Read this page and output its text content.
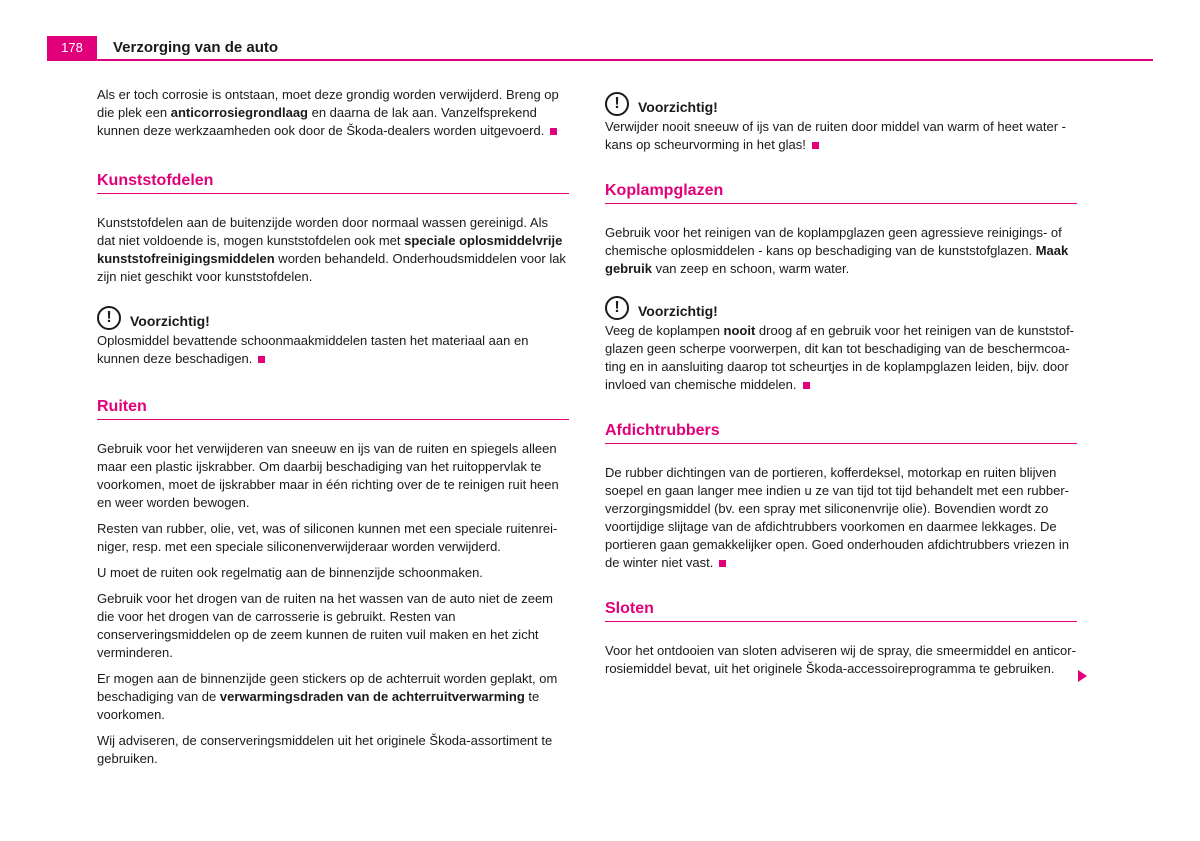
178	Verzorging van de auto

Als er toch corrosie is ontstaan, moet deze grondig worden verwijderd. Breng op die plek een anticorrosiegrondlaag en daarna de lak aan. Vanzelfsprekend kunnen deze werkzaamheden ook door de Škoda-dealers worden uitgevoerd.

Kunststofdelen

Kunststofdelen aan de buitenzijde worden door normaal wassen gereinigd. Als dat niet voldoende is, mogen kunststofdelen ook met speciale oplosmiddelvrije kunststofreinigingsmiddelen worden behandeld. Onderhoudsmiddelen voor lak zijn niet geschikt voor kunststofdelen.

!	Voorzichtig!

Oplosmiddel bevattende schoonmaakmiddelen tasten het materiaal aan en kunnen deze beschadigen.

Ruiten

Gebruik voor het verwijderen van sneeuw en ijs van de ruiten en spiegels alleen maar een plastic ijskrabber. Om daarbij beschadiging van het ruitoppervlak te voorkomen, moet de ijskrabber maar in één richting over de te reinigen ruit heen en weer worden bewogen.

Resten van rubber, olie, vet, was of siliconen kunnen met een speciale ruitenrei-niger, resp. met een speciale siliconenverwijderaar worden verwijderd.

U moet de ruiten ook regelmatig aan de binnenzijde schoonmaken.

Gebruik voor het drogen van de ruiten na het wassen van de auto niet de zeem die voor het drogen van de carrosserie is gebruikt. Resten van conserveringsmiddelen op de zeem kunnen de ruiten vuil maken en het zicht verminderen.

Er mogen aan de binnenzijde geen stickers op de achterruit worden geplakt, om beschadiging van de verwarmingsdraden van de achterruitverwarming te voorkomen.

Wij adviseren, de conserveringsmiddelen uit het originele Škoda-assortiment te gebruiken.

!	Voorzichtig!

Verwijder nooit sneeuw of ijs van de ruiten door middel van warm of heet water - kans op scheurvorming in het glas!

Koplampglazen

Gebruik voor het reinigen van de koplampglazen geen agressieve reinigings- of chemische oplosmiddelen - kans op beschadiging van de kunststofglazen. Maak gebruik van zeep en schoon, warm water.

!	Voorzichtig!

Veeg de koplampen nooit droog af en gebruik voor het reinigen van de kunststof-glazen geen scherpe voorwerpen, dit kan tot beschadiging van de beschermcoa-ting en in aansluiting daarop tot scheurtjes in de koplampglazen leiden, bijv. door invloed van chemische middelen.

Afdichtrubbers

De rubber dichtingen van de portieren, kofferdeksel, motorkap en ruiten blijven soepel en gaan langer mee indien u ze van tijd tot tijd behandelt met een rubber-verzorgingsmiddel (bv. een spray met siliconenvrije olie). Bovendien wordt zo voortijdige slijtage van de afdichtrubbers voorkomen en daarmee lekkages. De portieren gaan gemakkelijker open. Goed onderhouden afdichtrubbers vriezen in de winter niet vast.

Sloten

Voor het ontdooien van sloten adviseren wij de spray, die smeermiddel en anticor-rosiemiddel bevat, uit het originele Škoda-accessoireprogramma te gebruiken.
